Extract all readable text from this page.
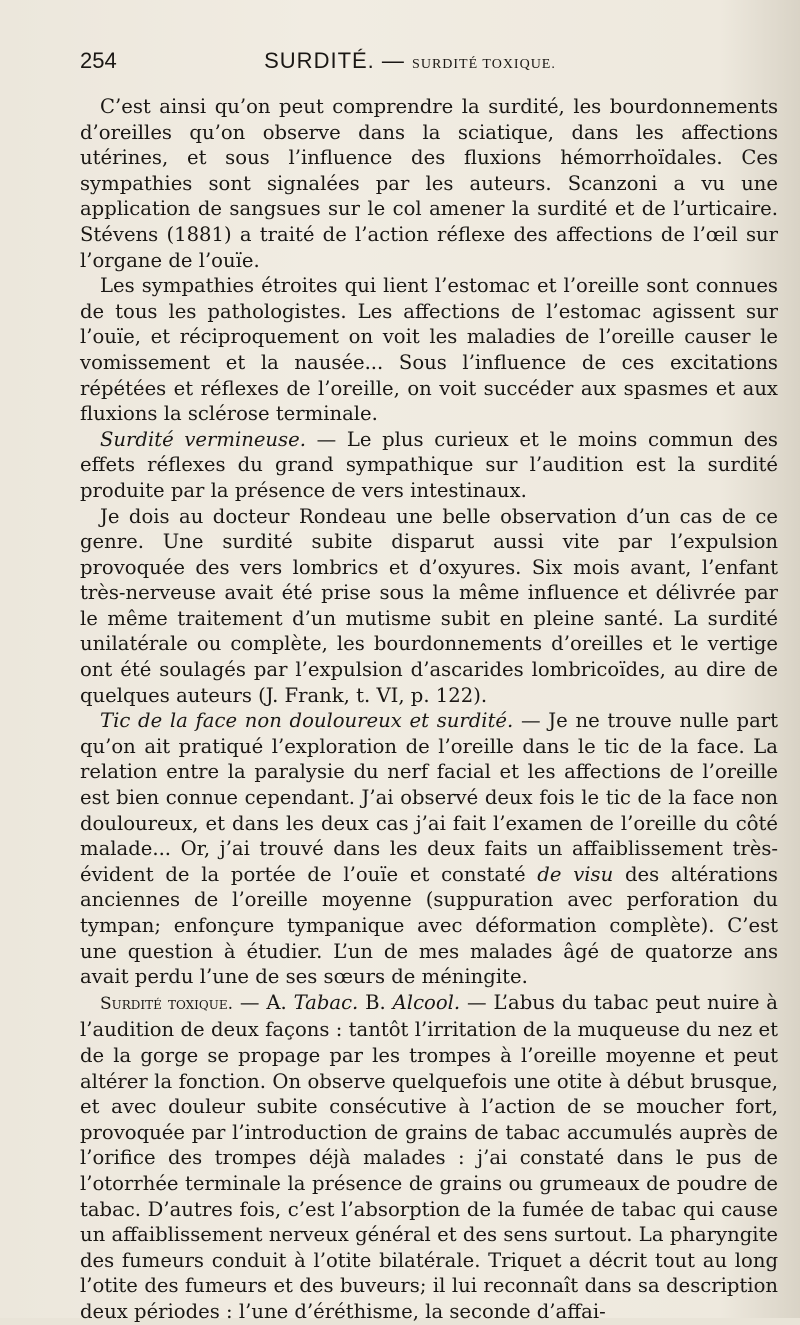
254	SURDITÉ. — SURDITÉ TOXIQUE.

C’est ainsi qu’on peut comprendre la surdité, les bourdonnements d’oreilles qu’on observe dans la sciatique, dans les affections utérines, et sous l’influence des fluxions hémorrhoïdales. Ces sympathies sont signalées par les auteurs. Scanzoni a vu une application de sangsues sur le col amener la surdité et de l’urticaire. Stévens (1881) a traité de l’action réflexe des affections de l’œil sur l’organe de l’ouïe.

Les sympathies étroites qui lient l’estomac et l’oreille sont connues de tous les pathologistes. Les affections de l’estomac agissent sur l’ouïe, et réciproquement on voit les maladies de l’oreille causer le vomissement et la nausée... Sous l’influence de ces excitations répétées et réflexes de l’oreille, on voit succéder aux spasmes et aux fluxions la sclérose terminale.

Surdité vermineuse. — Le plus curieux et le moins commun des effets réflexes du grand sympathique sur l’audition est la surdité produite par la présence de vers intestinaux.

Je dois au docteur Rondeau une belle observation d’un cas de ce genre. Une surdité subite disparut aussi vite par l’expulsion provoquée des vers lombrics et d’oxyures. Six mois avant, l’enfant très-nerveuse avait été prise sous la même influence et délivrée par le même traitement d’un mutisme subit en pleine santé. La surdité unilatérale ou complète, les bourdonnements d’oreilles et le vertige ont été soulagés par l’expulsion d’ascarides lombricoïdes, au dire de quelques auteurs (J. Frank, t. VI, p. 122).

Tic de la face non douloureux et surdité. — Je ne trouve nulle part qu’on ait pratiqué l’exploration de l’oreille dans le tic de la face. La relation entre la paralysie du nerf facial et les affections de l’oreille est bien connue cependant. J’ai observé deux fois le tic de la face non douloureux, et dans les deux cas j’ai fait l’examen de l’oreille du côté malade... Or, j’ai trouvé dans les deux faits un affaiblissement très-évident de la portée de l’ouïe et constaté de visu des altérations anciennes de l’oreille moyenne (suppuration avec perforation du tympan; enfonçure tympanique avec déformation complète). C’est une question à étudier. L’un de mes malades âgé de quatorze ans avait perdu l’une de ses sœurs de méningite.

Surdité toxique. — A. Tabac. B. Alcool. — L’abus du tabac peut nuire à l’audition de deux façons : tantôt l’irritation de la muqueuse du nez et de la gorge se propage par les trompes à l’oreille moyenne et peut altérer la fonction. On observe quelquefois une otite à début brusque, et avec douleur subite consécutive à l’action de se moucher fort, provoquée par l’introduction de grains de tabac accumulés auprès de l’orifice des trompes déjà malades : j’ai constaté dans le pus de l’otorrhée terminale la présence de grains ou grumeaux de poudre de tabac. D’autres fois, c’est l’absorption de la fumée de tabac qui cause un affaiblissement nerveux général et des sens surtout. La pharyngite des fumeurs conduit à l’otite bilatérale. Triquet a décrit tout au long l’otite des fumeurs et des buveurs; il lui reconnaît dans sa description deux périodes : l’une d’éréthisme, la seconde d’affai-
